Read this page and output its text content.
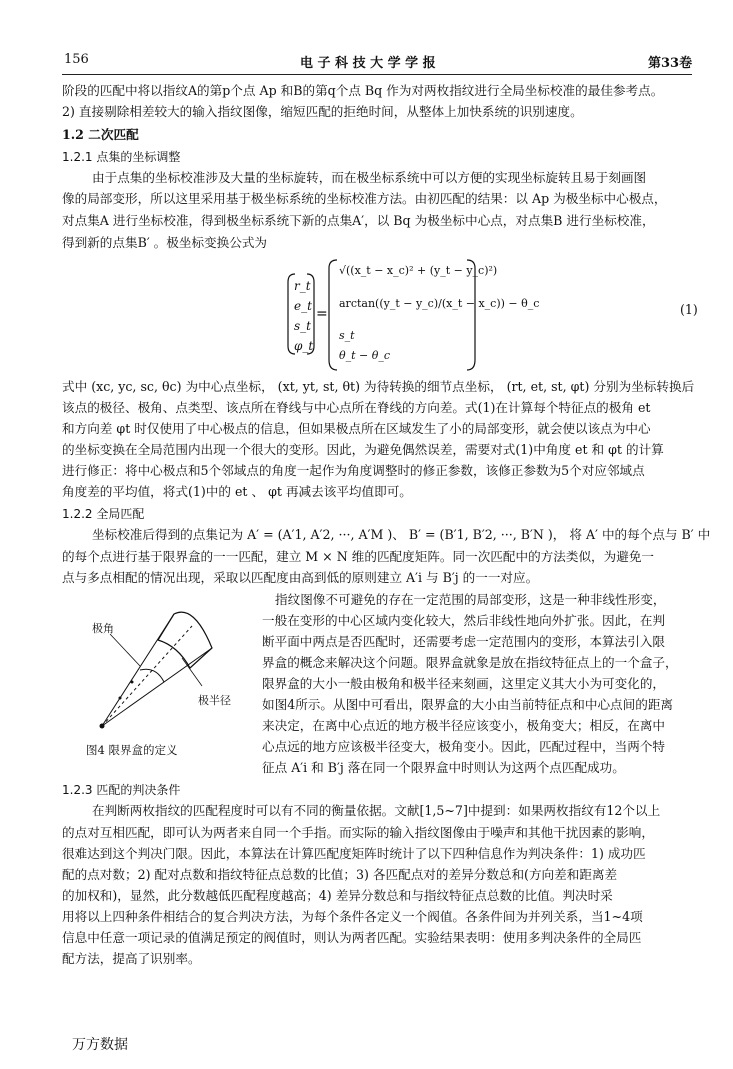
156	电 子 科 技 大 学 学 报	第33卷
阶段的匹配中将以指纹A的第p个点 Ap 和B的第q个点 Bq 作为对两枚指纹进行全局坐标校准的最佳参考点。
2) 直接剔除相差较大的输入指纹图像，缩短匹配的拒绝时间，从整体上加快系统的识别速度。
1.2 二次匹配
1.2.1 点集的坐标调整
由于点集的坐标校准涉及大量的坐标旋转，而在极坐标系统中可以方便的实现坐标旋转且易于刻画图
像的局部变形，所以这里采用基于极坐标系统的坐标校准方法。由初匹配的结果：以 Ap 为极坐标中心极点，
对点集A 进行坐标校准，得到极坐标系统下新的点集A′，以 Bq 为极坐标中心点，对点集B 进行坐标校准，
得到新的点集B′ 。极坐标变换公式为
=
r_t
e_t
s_t
φ_t
√((x_t − x_c)² + (y_t − y_c)²)
arctan((y_t − y_c)/(x_t − x_c)) − θ_c
s_t
θ_t − θ_c
(1)
式中 (xc, yc, sc, θc) 为中心点坐标， (xt, yt, st, θt) 为待转换的细节点坐标， (rt, et, st, φt) 分别为坐标转换后
该点的极径、极角、点类型、该点所在脊线与中心点所在脊线的方向差。式(1)在计算每个特征点的极角 et
和方向差 φt 时仅使用了中心极点的信息，但如果极点所在区域发生了小的局部变形，就会使以该点为中心
的坐标变换在全局范围内出现一个很大的变形。因此，为避免偶然误差，需要对式(1)中角度 et 和 φt 的计算
进行修正：将中心极点和5个邻域点的角度一起作为角度调整时的修正参数，该修正参数为5个对应邻域点
角度差的平均值，将式(1)中的 et 、 φt 再减去该平均值即可。
1.2.2 全局匹配
坐标校准后得到的点集记为 A′ = (A′1, A′2, ···, A′M )、 B′ = (B′1, B′2, ···, B′N )， 将 A′ 中的每个点与 B′ 中
的每个点进行基于限界盒的一一匹配，建立 M × N 维的匹配度矩阵。同一次匹配中的方法类似，为避免一
点与多点相配的情况出现，采取以匹配度由高到低的原则建立 A′i 与 B′j 的一一对应。
极角
极半径
图4 限界盒的定义
指纹图像不可避免的存在一定范围的局部变形，这是一种非线性形变，
一般在变形的中心区域内变化较大，然后非线性地向外扩张。因此，在判
断平面中两点是否匹配时，还需要考虑一定范围内的变形，本算法引入限
界盒的概念来解决这个问题。限界盒就象是放在指纹特征点上的一个盒子，
限界盒的大小一般由极角和极半径来刻画，这里定义其大小为可变化的，
如图4所示。从图中可看出，限界盒的大小由当前特征点和中心点间的距离
来决定，在离中心点近的地方极半径应该变小，极角变大；相反，在离中
心点远的地方应该极半径变大，极角变小。因此，匹配过程中，当两个特
征点 A′i 和 B′j 落在同一个限界盒中时则认为这两个点匹配成功。
1.2.3 匹配的判决条件
在判断两枚指纹的匹配程度时可以有不同的衡量依据。文献[1,5~7]中提到：如果两枚指纹有12个以上
的点对互相匹配，即可认为两者来自同一个手指。而实际的输入指纹图像由于噪声和其他干扰因素的影响，
很难达到这个判决门限。因此，本算法在计算匹配度矩阵时统计了以下四种信息作为判决条件：1) 成功匹
配的点对数；2) 配对点数和指纹特征点总数的比值；3) 各匹配点对的差异分数总和(方向差和距离差
的加权和)，显然，此分数越低匹配程度越高；4) 差异分数总和与指纹特征点总数的比值。判决时采
用将以上四种条件相结合的复合判决方法，为每个条件各定义一个阀值。各条件间为并列关系，当1~4项
信息中任意一项记录的值满足预定的阀值时，则认为两者匹配。实验结果表明：使用多判决条件的全局匹
配方法，提高了识别率。
万方数据
